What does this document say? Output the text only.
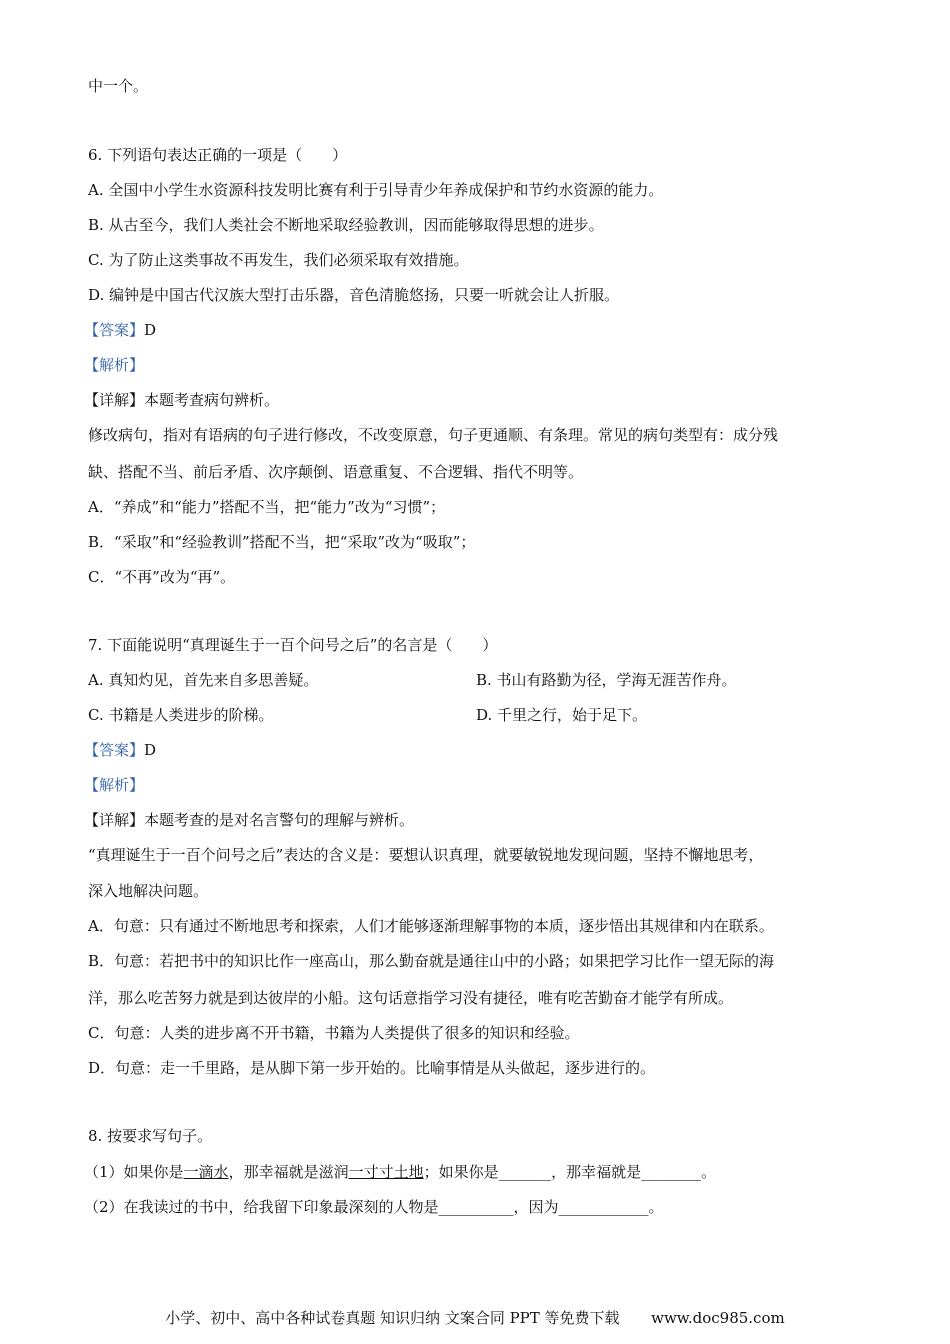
中一个。
6. 下列语句表达正确的一项是（　　）
A. 全国中小学生水资源科技发明比赛有利于引导青少年养成保护和节约水资源的能力。
B. 从古至今，我们人类社会不断地采取经验教训，因而能够取得思想的进步。
C. 为了防止这类事故不再发生，我们必须采取有效措施。
D. 编钟是中国古代汉族大型打击乐器，音色清脆悠扬，只要一听就会让人折服。
【答案】D
【解析】
【详解】本题考查病句辨析。
修改病句，指对有语病的句子进行修改，不改变原意，句子更通顺、有条理。常见的病句类型有：成分残
缺、搭配不当、前后矛盾、次序颠倒、语意重复、不合逻辑、指代不明等。
A．“养成”和“能力”搭配不当，把“能力”改为“习惯”；
B．“采取”和“经验教训”搭配不当，把“采取”改为“吸取”；
C．“不再”改为“再”。
7. 下面能说明“真理诞生于一百个问号之后”的名言是（　　）
A. 真知灼见，首先来自多思善疑。	B. 书山有路勤为径，学海无涯苦作舟。
C. 书籍是人类进步的阶梯。	D. 千里之行，始于足下。
【答案】D
【解析】
【详解】本题考查的是对名言警句的理解与辨析。
“真理诞生于一百个问号之后”表达的含义是：要想认识真理，就要敏锐地发现问题，坚持不懈地思考，
深入地解决问题。
A．句意：只有通过不断地思考和探索，人们才能够逐渐理解事物的本质，逐步悟出其规律和内在联系。
B．句意：若把书中的知识比作一座高山，那么勤奋就是通往山中的小路；如果把学习比作一望无际的海
洋，那么吃苦努力就是到达彼岸的小船。这句话意指学习没有捷径，唯有吃苦勤奋才能学有所成。
C．句意：人类的进步离不开书籍，书籍为人类提供了很多的知识和经验。
D．句意：走一千里路，是从脚下第一步开始的。比喻事情是从头做起，逐步进行的。
8. 按要求写句子。
（1）如果你是一滴水，那幸福就是滋润一寸寸土地；如果你是_______，那幸福就是________。
（2）在我读过的书中，给我留下印象最深刻的人物是__________，因为____________。
小学、初中、高中各种试卷真题 知识归纳 文案合同 PPT 等免费下载 www.doc985.com
